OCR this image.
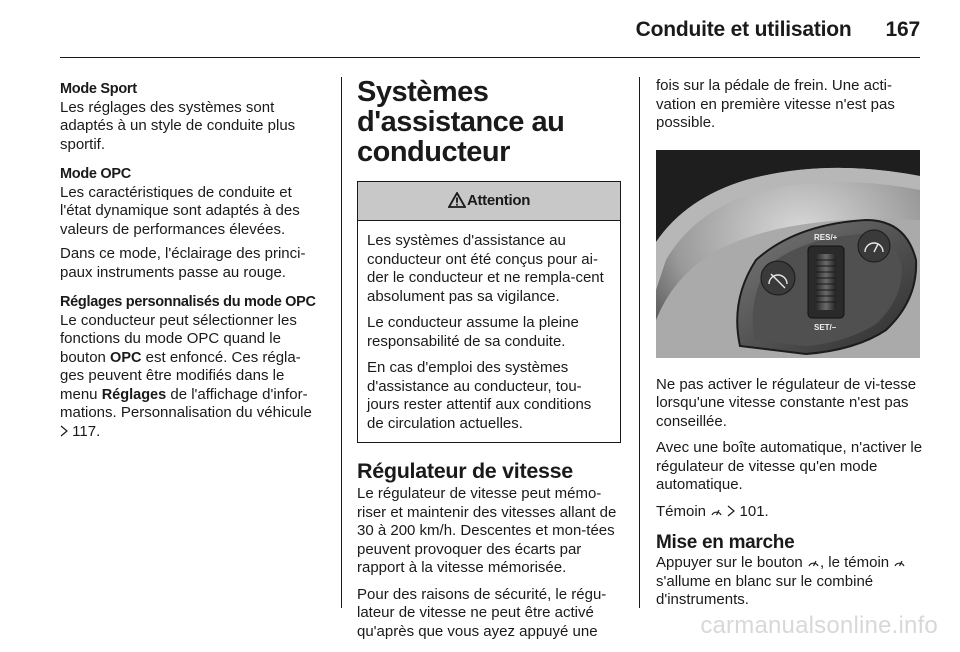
Conduite et utilisation 167
Mode Sport

Les réglages des systèmes sont adaptés à un style de conduite plus sportif.

Mode OPC

Les caractéristiques de conduite et l'état dynamique sont adaptés à des valeurs de performances élevées.

Dans ce mode, l'éclairage des princi-paux instruments passe au rouge.

Réglages personnalisés du mode OPC

Le conducteur peut sélectionner les fonctions du mode OPC quand le bouton OPC est enfoncé. Ces régla-ges peuvent être modifiés dans le menu Réglages de l'affichage d'infor-mations. Personnalisation du véhicule  117.

Systèmes d'assistance au conducteur
Attention

Les systèmes d'assistance au conducteur ont été conçus pour ai-der le conducteur et ne rempla-cent absolument pas sa vigilance.

Le conducteur assume la pleine responsabilité de sa conduite.

En cas d'emploi des systèmes d'assistance au conducteur, tou-jours rester attentif aux conditions de circulation actuelles.

Régulateur de vitesse

Le régulateur de vitesse peut mémo-riser et maintenir des vitesses allant de 30 à 200 km/h. Descentes et mon-tées peuvent provoquer des écarts par rapport à la vitesse mémorisée.

Pour des raisons de sécurité, le régu-lateur de vitesse ne peut être activé qu'après que vous ayez appuyé une

fois sur la pédale de frein. Une acti-vation en première vitesse n'est pas possible.

RES/+
SET/–

Ne pas activer le régulateur de vi-tesse lorsqu'une vitesse constante n'est pas conseillée.

Avec une boîte automatique, n'activer le régulateur de vitesse qu'en mode automatique.

Témoin   101.

Mise en marche

Appuyer sur le bouton , le témoin  s'allume en blanc sur le combiné d'instruments.

carmanualsonline.info
